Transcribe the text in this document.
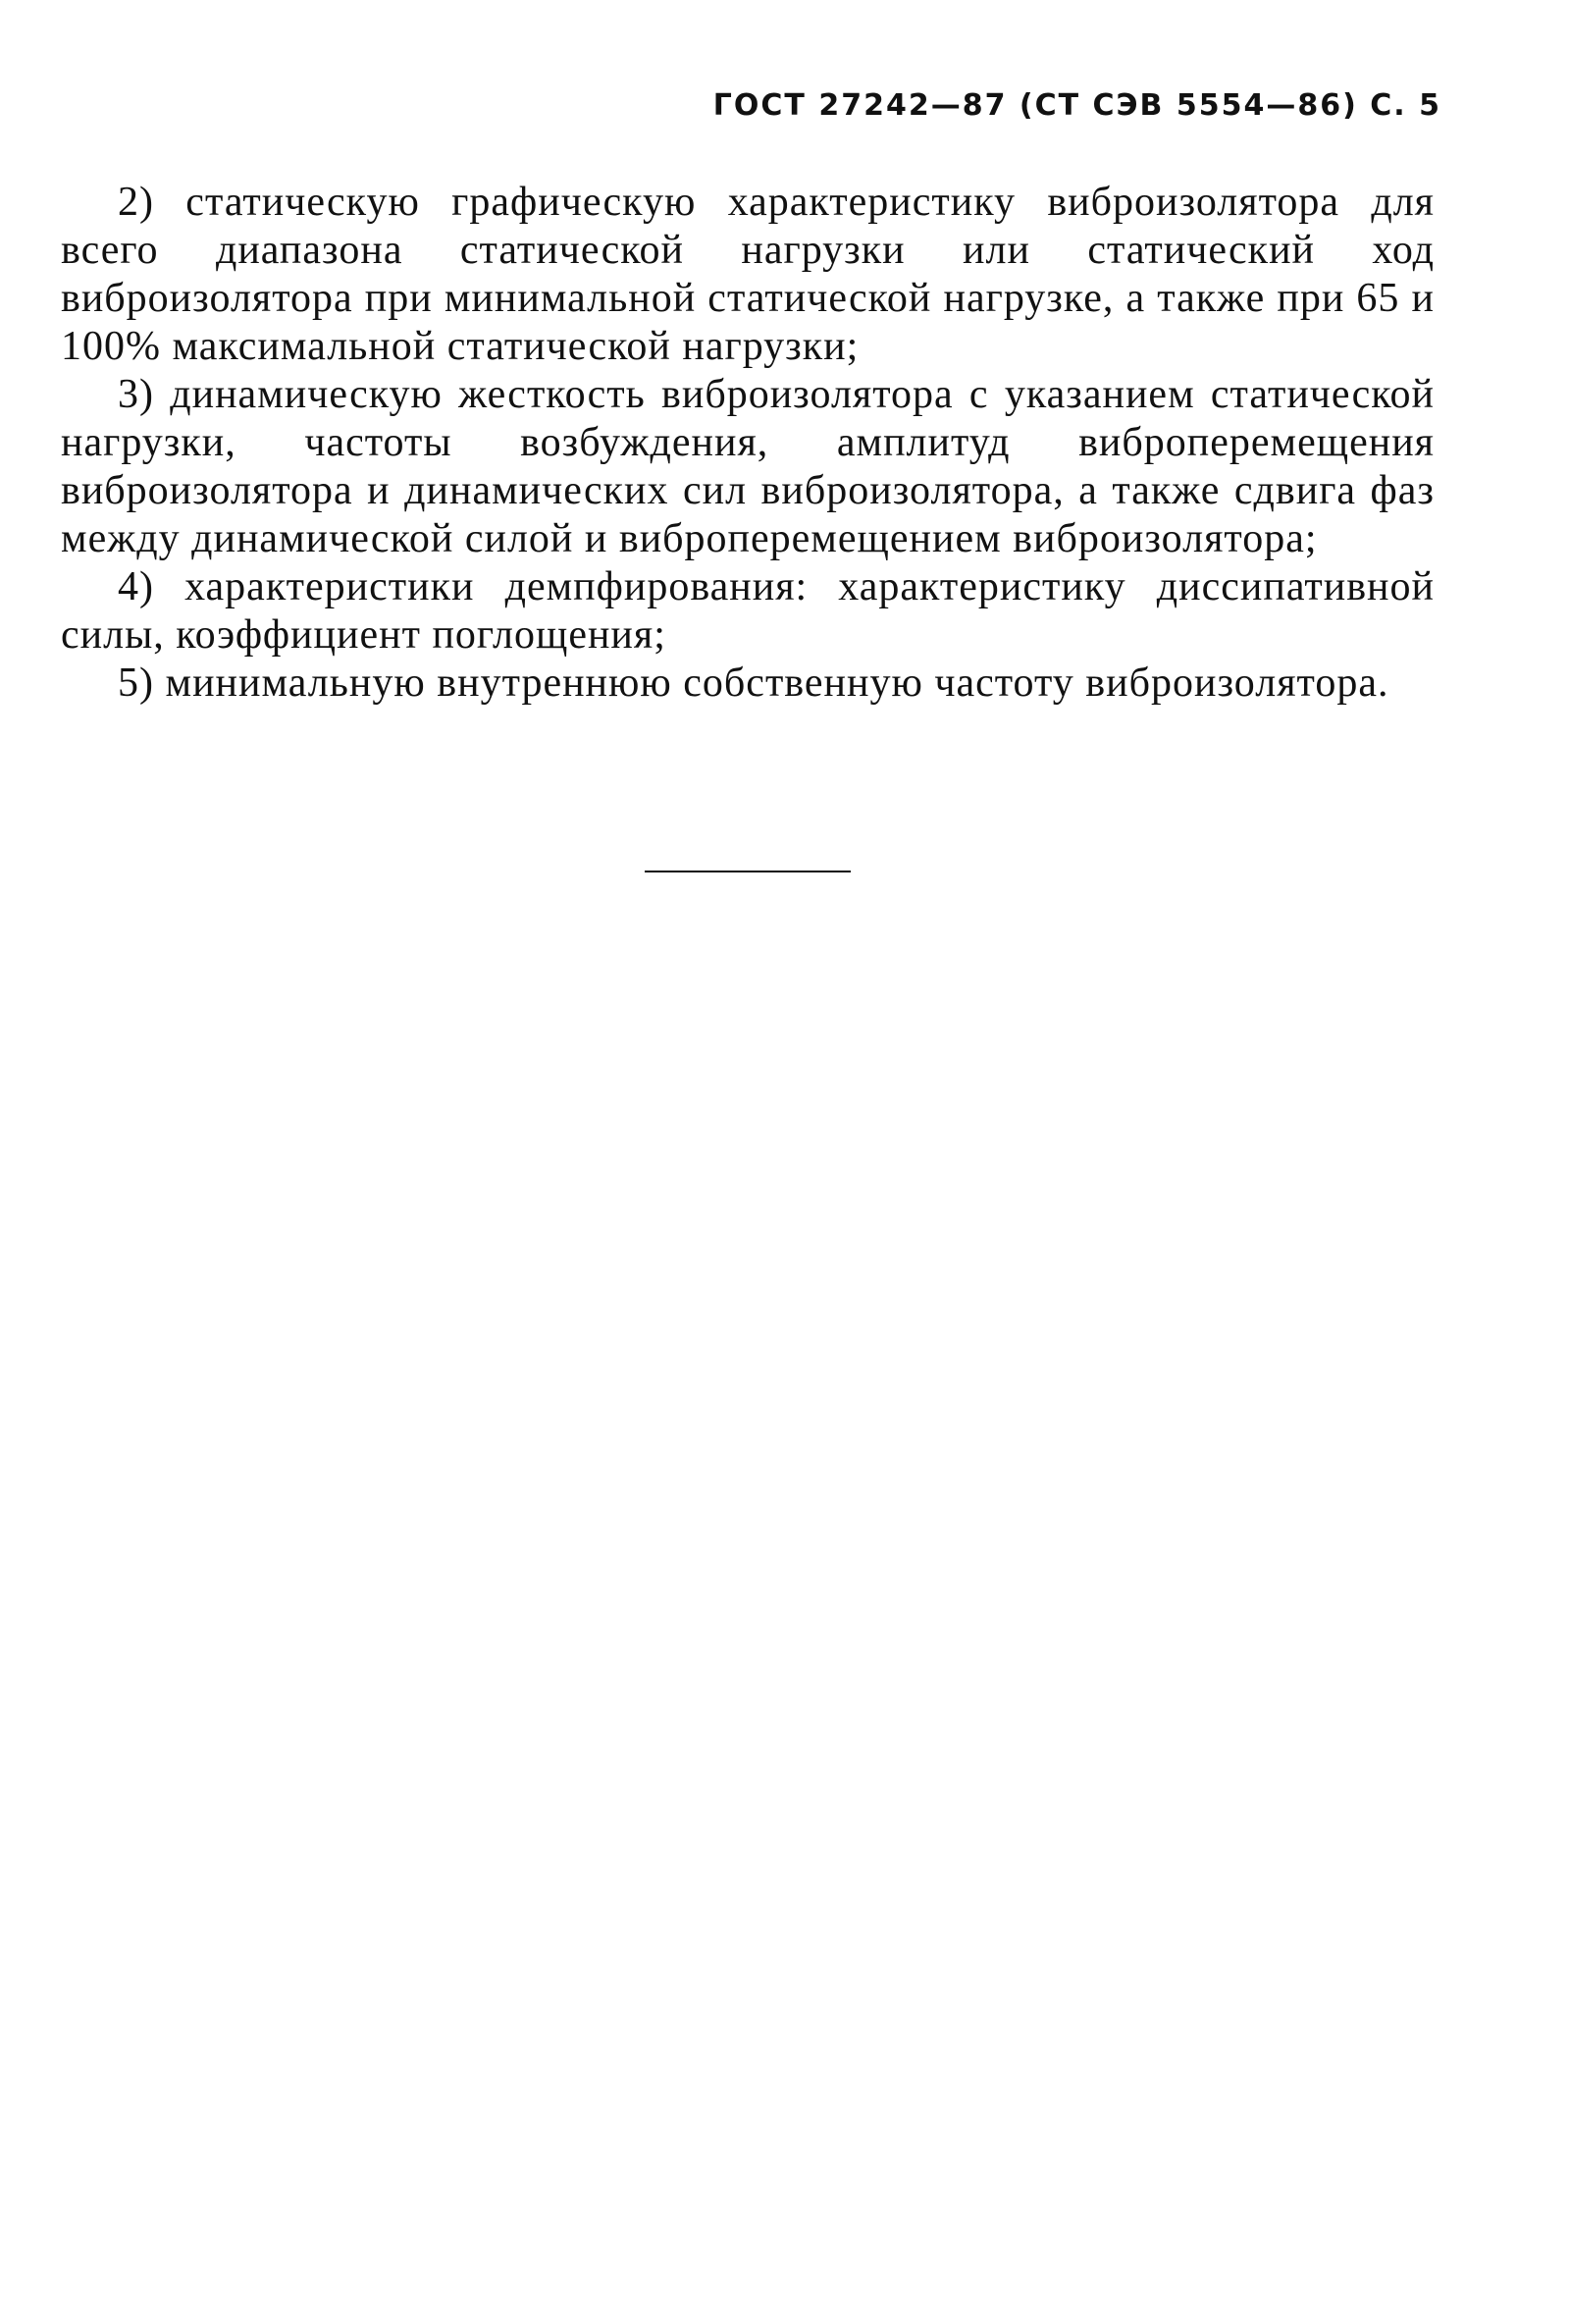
ГОСТ 27242—87 (СТ СЭВ 5554—86) С. 5

2) статическую графическую характеристику виброизолятора для всего диапазона статической нагрузки или статический ход виброизолятора при минимальной статической нагрузке, а также при 65 и 100% максимальной статической нагрузки;

3) динамическую жесткость виброизолятора с указанием статической нагрузки, частоты возбуждения, амплитуд виброперемещения виброизолятора и динамических сил виброизолятора, а также сдвига фаз между динамической силой и виброперемещением виброизолятора;

4) характеристики демпфирования: характеристику диссипативной силы, коэффициент поглощения;

5) минимальную внутреннюю собственную частоту виброизолятора.
